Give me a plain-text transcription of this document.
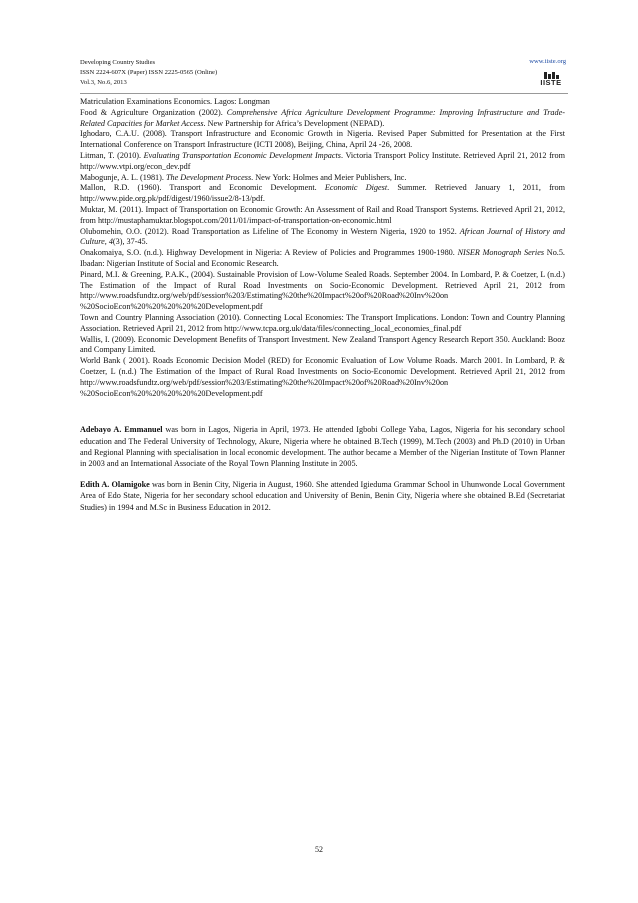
Developing Country Studies
ISSN 2224-607X (Paper) ISSN 2225-0565 (Online)
Vol.3, No.6, 2013
www.iiste.org
IISTE

Matriculation Examinations Economics. Lagos: Longman

Food & Agriculture Organization (2002). Comprehensive Africa Agriculture Development Programme: Improving Infrastructure and Trade-Related Capacities for Market Access. New Partnership for Africa’s Development (NEPAD).

Ighodaro, C.A.U. (2008). Transport Infrastructure and Economic Growth in Nigeria. Revised Paper Submitted for Presentation at the First International Conference on Transport Infrastructure (ICTI 2008), Beijing, China, April 24 -26, 2008.

Litman, T. (2010). Evaluating Transportation Economic Development Impacts. Victoria Transport Policy Institute. Retrieved April 21, 2012 from http://www.vtpi.org/econ_dev.pdf

Mabogunje, A. L. (1981). The Development Process. New York: Holmes and Meier Publishers, Inc.

Mallon, R.D. (1960). Transport and Economic Development. Economic Digest. Summer. Retrieved January 1, 2011, from http://www.pide.org.pk/pdf/digest/1960/issue2/8-13/pdf.

Muktar, M. (2011). Impact of Transportation on Economic Growth: An Assessment of Rail and Road Transport Systems. Retrieved April 21, 2012, from http://mustaphamuktar.blogspot.com/2011/01/impact-of-transportation-on-economic.html

Olubomehin, O.O. (2012). Road Transportation as Lifeline of The Economy in Western Nigeria, 1920 to 1952. African Journal of History and Culture, 4(3), 37-45.

Onakomaiya, S.O. (n.d.). Highway Development in Nigeria: A Review of Policies and Programmes 1900-1980. NISER Monograph Series No.5. Ibadan: Nigerian Institute of Social and Economic Research.

Pinard, M.I. & Greening, P.A.K., (2004). Sustainable Provision of Low-Volume Sealed Roads. September 2004. In Lombard, P. & Coetzer, L (n.d.) The Estimation of the Impact of Rural Road Investments on Socio-Economic Development. Retrieved April 21, 2012 from http://www.roadsfundtz.org/web/pdf/session%203/Estimating%20the%20Impact%20of%20Road%20Inv%20on %20SocioEcon%20%20%20%20%20Development.pdf

Town and Country Planning Association (2010). Connecting Local Economies: The Transport Implications. London: Town and Country Planning Association. Retrieved April 21, 2012 from http://www.tcpa.org.uk/data/files/connecting_local_economies_final.pdf

Wallis, I. (2009). Economic Development Benefits of Transport Investment. New Zealand Transport Agency Research Report 350. Auckland: Booz and Company Limited.

World Bank ( 2001). Roads Economic Decision Model (RED) for Economic Evaluation of Low Volume Roads. March 2001. In Lombard, P. & Coetzer, L (n.d.) The Estimation of the Impact of Rural Road Investments on Socio-Economic Development. Retrieved April 21, 2012 from http://www.roadsfundtz.org/web/pdf/session%203/Estimating%20the%20Impact%20of%20Road%20Inv%20on %20SocioEcon%20%20%20%20%20Development.pdf

Adebayo A. Emmanuel was born in Lagos, Nigeria in April, 1973. He attended Igbobi College Yaba, Lagos, Nigeria for his secondary school education and The Federal University of Technology, Akure, Nigeria where he obtained B.Tech (1999), M.Tech (2003) and Ph.D (2010) in Urban and Regional Planning with specialisation in local economic development. The author became a Member of the Nigerian Institute of Town Planner in 2003 and an International Associate of the Royal Town Planning Institute in 2005.

Edith A. Olamigoke was born in Benin City, Nigeria in August, 1960. She attended Igieduma Grammar School in Uhunwonde Local Government Area of Edo State, Nigeria for her secondary school education and University of Benin, Benin City, Nigeria where she obtained B.Ed (Secretariat Studies) in 1994 and M.Sc in Business Education in 2012.

52
